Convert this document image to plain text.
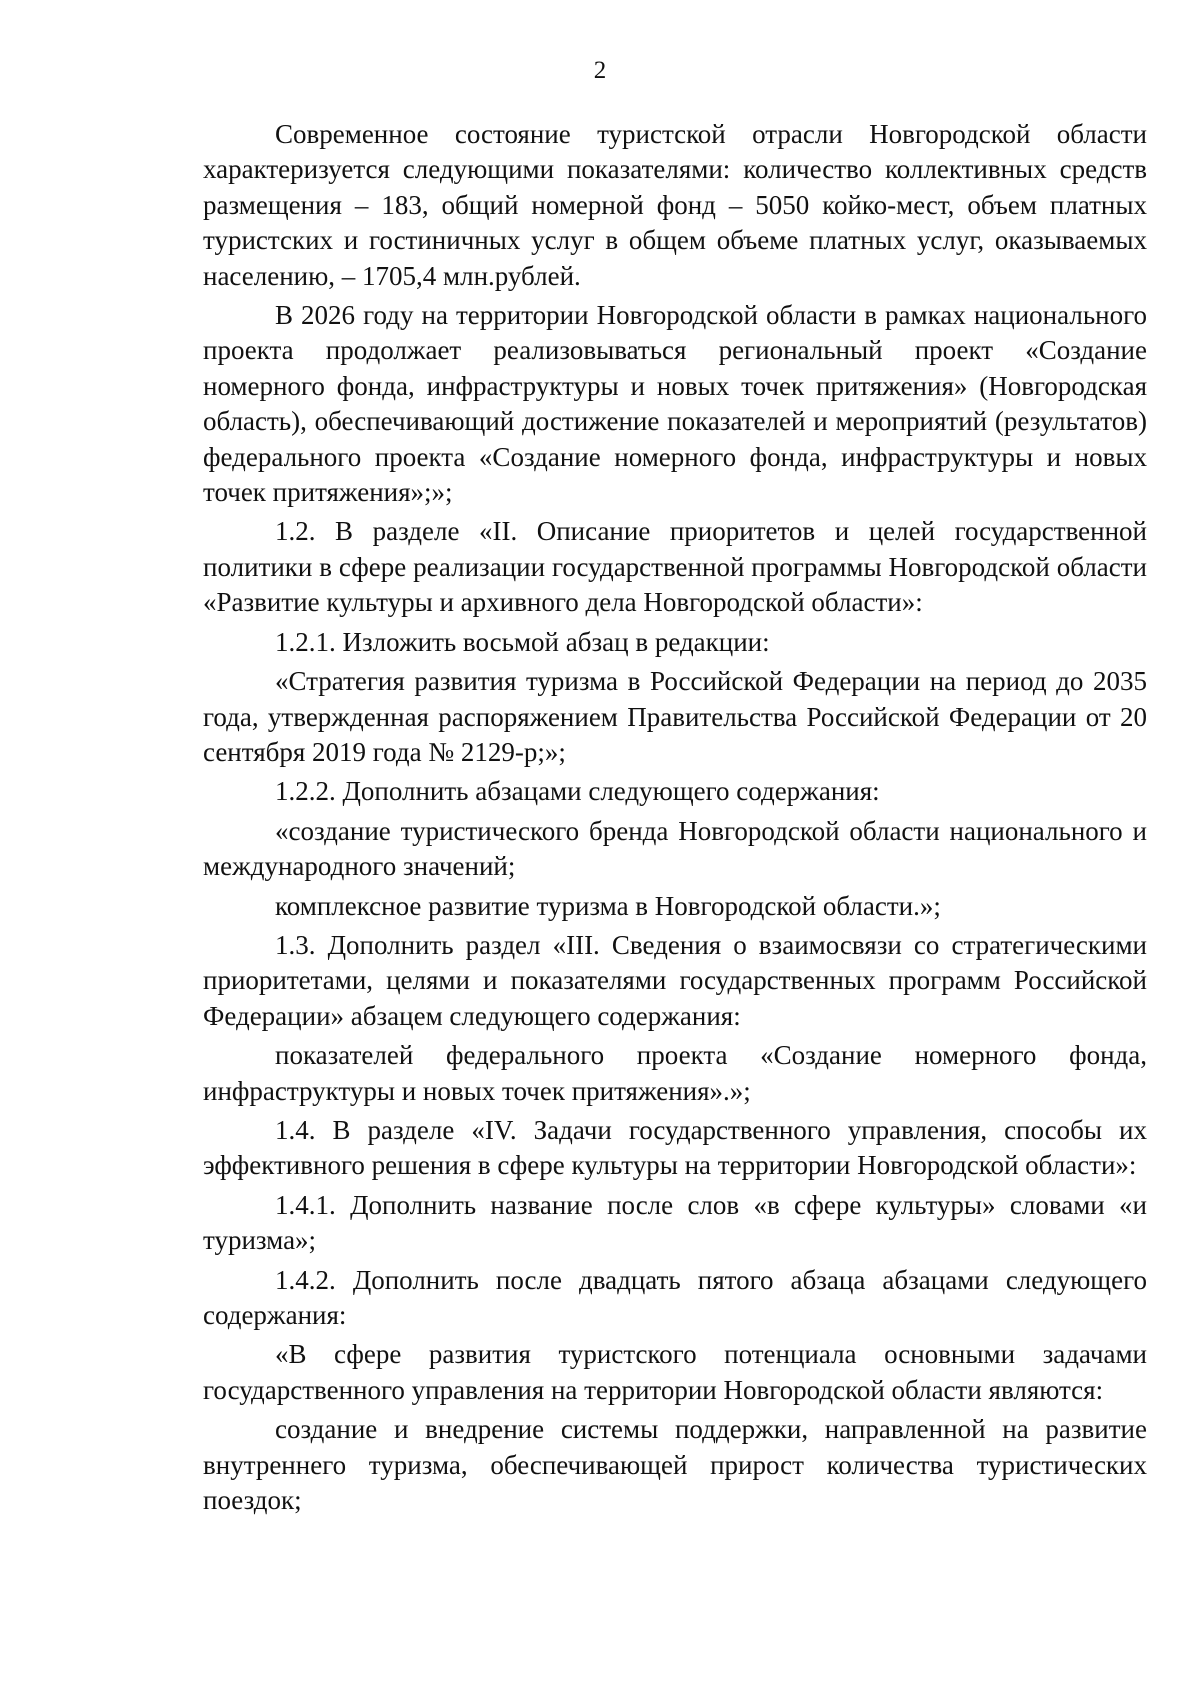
2

Современное состояние туристской отрасли Новгородской области характеризуется следующими показателями: количество коллективных средств размещения – 183, общий номерной фонд – 5050 койко-мест, объем платных туристских и гостиничных услуг в общем объеме платных услуг, оказываемых населению, – 1705,4 млн.рублей.

В 2026 году на территории Новгородской области в рамках национального проекта продолжает реализовываться региональный проект «Создание номерного фонда, инфраструктуры и новых точек притяжения» (Новгородская область), обеспечивающий достижение показателей и мероприятий (результатов) федерального проекта «Создание номерного фонда, инфраструктуры и новых точек притяжения»;»;

1.2. В разделе «II. Описание приоритетов и целей государственной политики в сфере реализации государственной программы Новгородской области «Развитие культуры и архивного дела Новгородской области»:

1.2.1. Изложить восьмой абзац в редакции:

«Стратегия развития туризма в Российской Федерации на период до 2035 года, утвержденная распоряжением Правительства Российской Федерации от 20 сентября 2019 года № 2129-р;»;

1.2.2. Дополнить абзацами следующего содержания:

«создание туристического бренда Новгородской области национального и международного значений;

комплексное развитие туризма в Новгородской области.»;

1.3. Дополнить раздел «III. Сведения о взаимосвязи со стратегическими приоритетами, целями и показателями государственных программ Российской Федерации» абзацем следующего содержания:

показателей федерального проекта «Создание номерного фонда, инфраструктуры и новых точек притяжения».»;

1.4. В разделе «IV. Задачи государственного управления, способы их эффективного решения в сфере культуры на территории Новгородской области»:

1.4.1. Дополнить название после слов «в сфере культуры» словами «и туризма»;

1.4.2. Дополнить после двадцать пятого абзаца абзацами следующего содержания:

«В сфере развития туристского потенциала основными задачами государственного управления на территории Новгородской области являются:

создание и внедрение системы поддержки, направленной на развитие внутреннего туризма, обеспечивающей прирост количества туристических поездок;
